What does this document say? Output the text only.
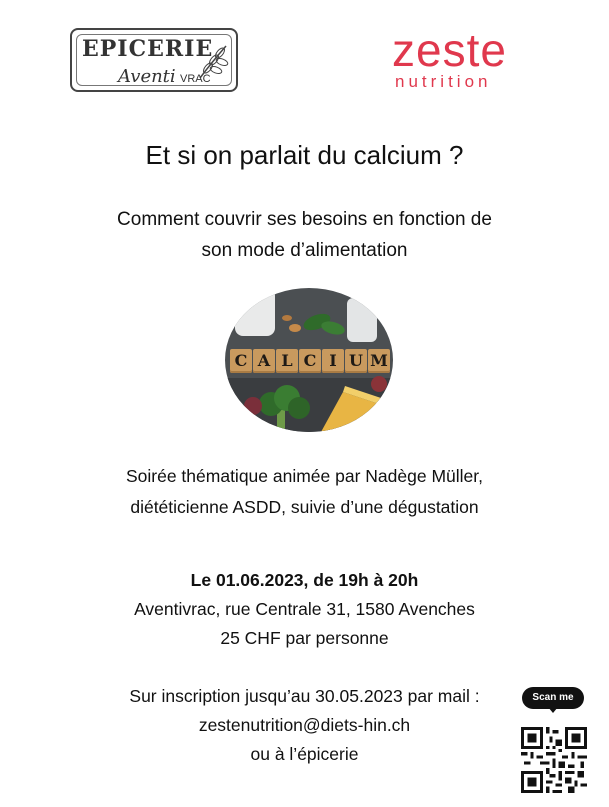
EPICERIE
Aventi VRAC
zeste
nutrition
Et si on parlait du calcium ?
Comment couvrir ses besoins en fonction de
son mode d’alimentation
C A L C I U M
Soirée thématique animée par Nadège Müller,
diététicienne ASDD, suivie d’une dégustation
Le 01.06.2023, de 19h à 20h
Aventivrac, rue Centrale 31, 1580 Avenches
25 CHF par personne
Sur inscription jusqu’au 30.05.2023 par mail :
zestenutrition@diets-hin.ch
ou à l’épicerie
Scan me
